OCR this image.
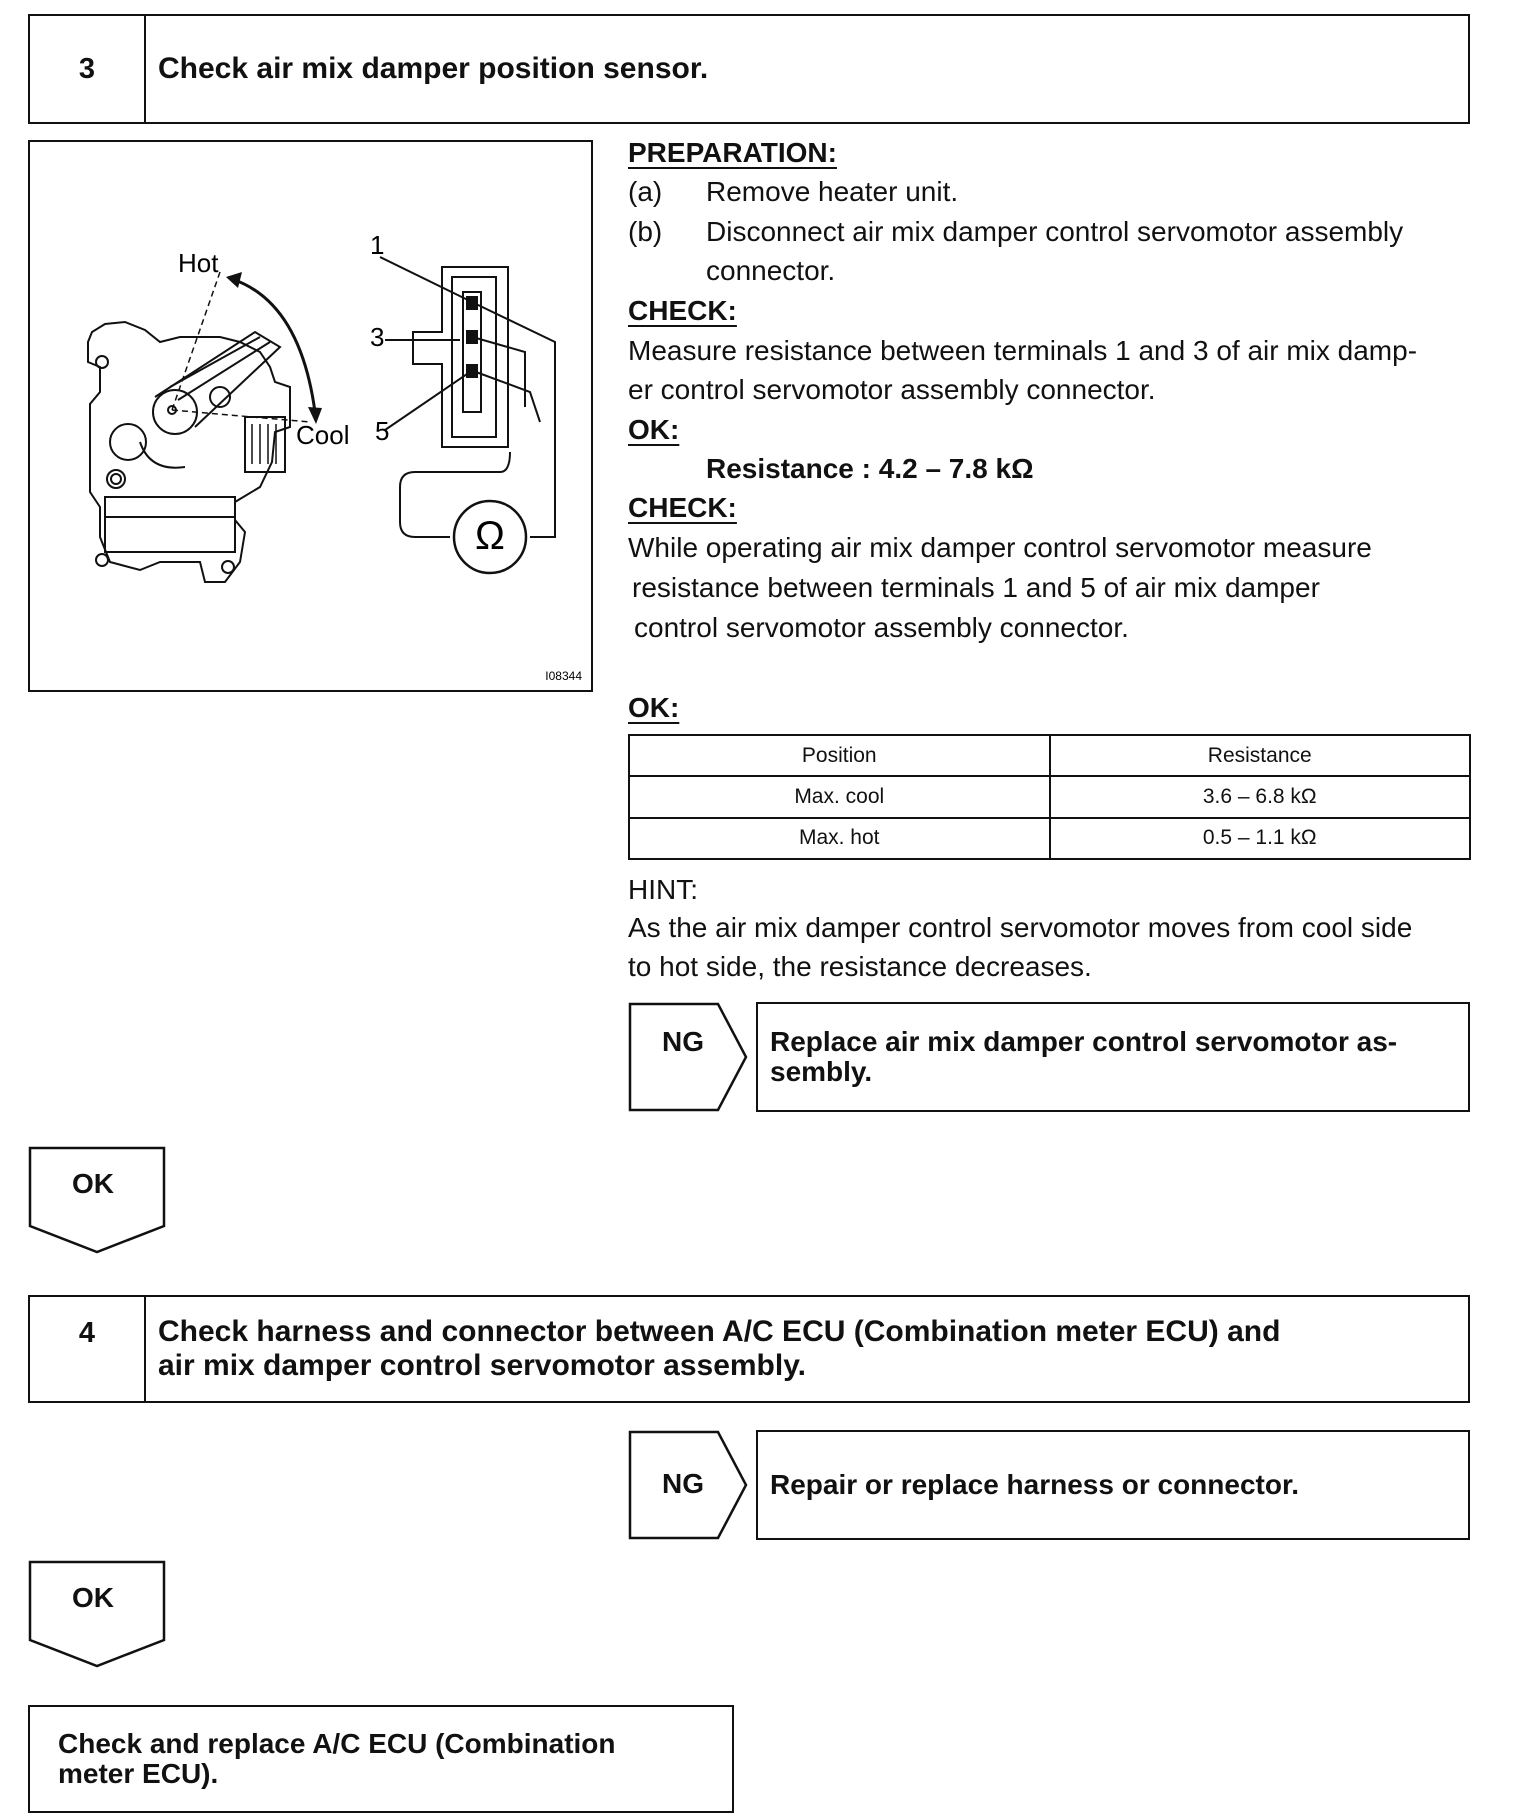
3	Check air mix damper position sensor.
Hot
Cool
1
3
5
Ω
I08344
PREPARATION:
(a) Remove heater unit.
(b) Disconnect air mix damper control servomotor assembly
connector.
CHECK:
Measure resistance between terminals 1 and 3 of air mix damp-
er control servomotor assembly connector.
OK:
Resistance : 4.2 – 7.8 kΩ
CHECK:
While operating air mix damper control servomotor measure
resistance between terminals 1 and 5 of air mix damper
control servomotor assembly connector.
OK:
Position	Resistance
Max. cool	3.6 – 6.8 kΩ
Max. hot	0.5 – 1.1 kΩ
HINT:
As the air mix damper control servomotor moves from cool side
to hot side, the resistance decreases.
NG Replace air mix damper control servomotor as-
sembly.
OK
4	Check harness and connector between A/C ECU (Combination meter ECU) and
air mix damper control servomotor assembly.
NG	Repair or replace harness or connector.
OK
Check and replace A/C ECU (Combination
meter ECU).
